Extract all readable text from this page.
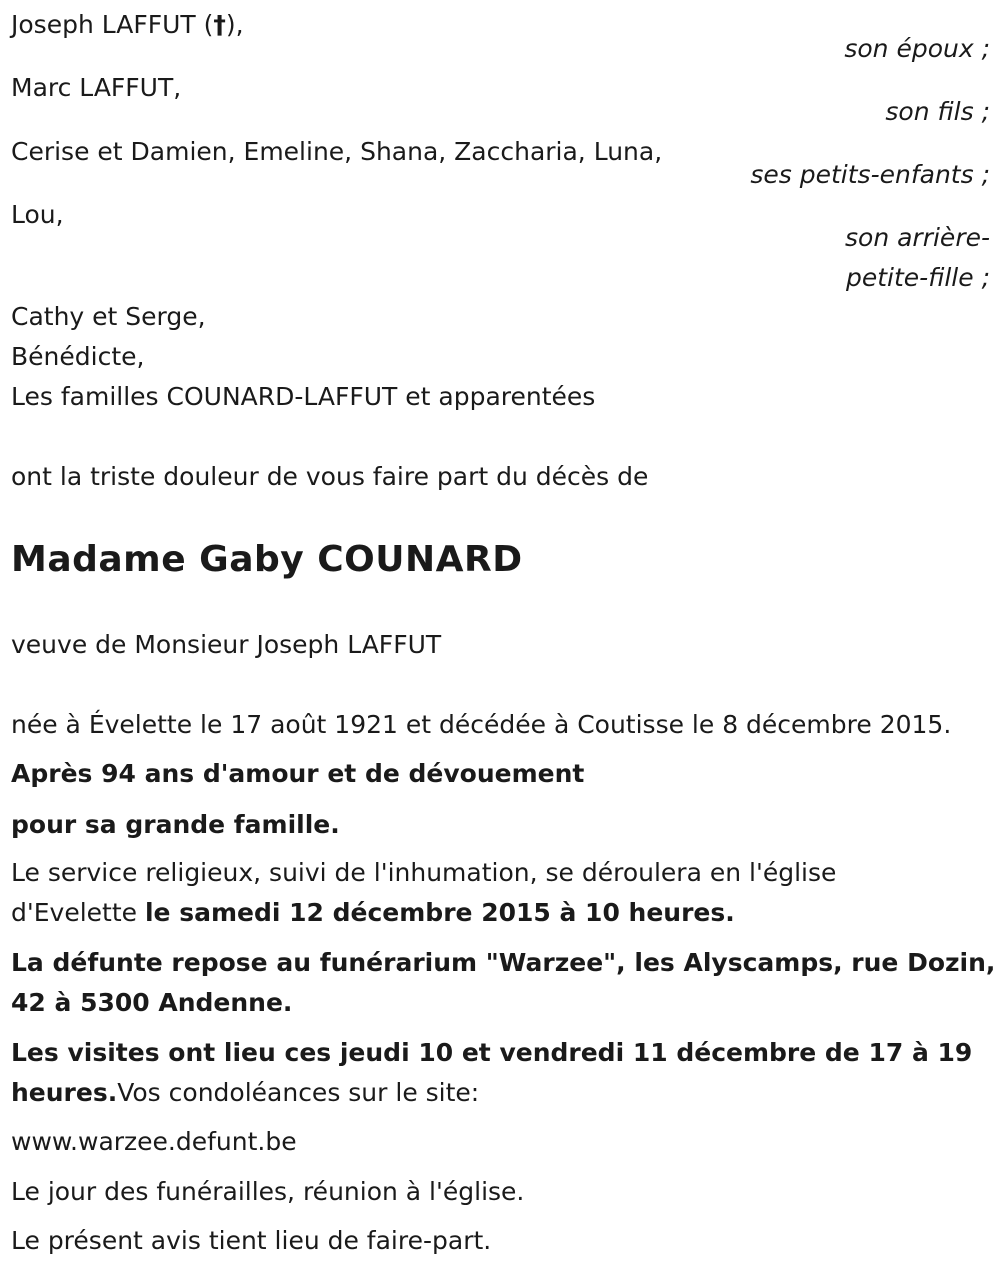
Joseph LAFFUT (†),
son époux ;
Marc LAFFUT,
son fils ;
Cerise et Damien, Emeline, Shana, Zaccharia, Luna,
ses petits-enfants ;
Lou,
son arrière-
petite-fille ;
Cathy et Serge,
Bénédicte,
Les familles COUNARD-LAFFUT et apparentées
ont la triste douleur de vous faire part du décès de
Madame Gaby COUNARD
veuve de Monsieur Joseph LAFFUT
née à Évelette le 17 août 1921 et décédée à Coutisse le 8 décembre 2015.
Après 94 ans d'amour et de dévouement
pour sa grande famille.
Le service religieux, suivi de l'inhumation, se déroulera en l'église
d'Evelette le samedi 12 décembre 2015 à 10 heures.
La défunte repose au funérarium "Warzee", les Alyscamps, rue Dozin,
42 à 5300 Andenne.
Les visites ont lieu ces jeudi 10 et vendredi 11 décembre de 17 à 19
heures.Vos condoléances sur le site:
www.warzee.defunt.be
Le jour des funérailles, réunion à l'église.
Le présent avis tient lieu de faire-part.
